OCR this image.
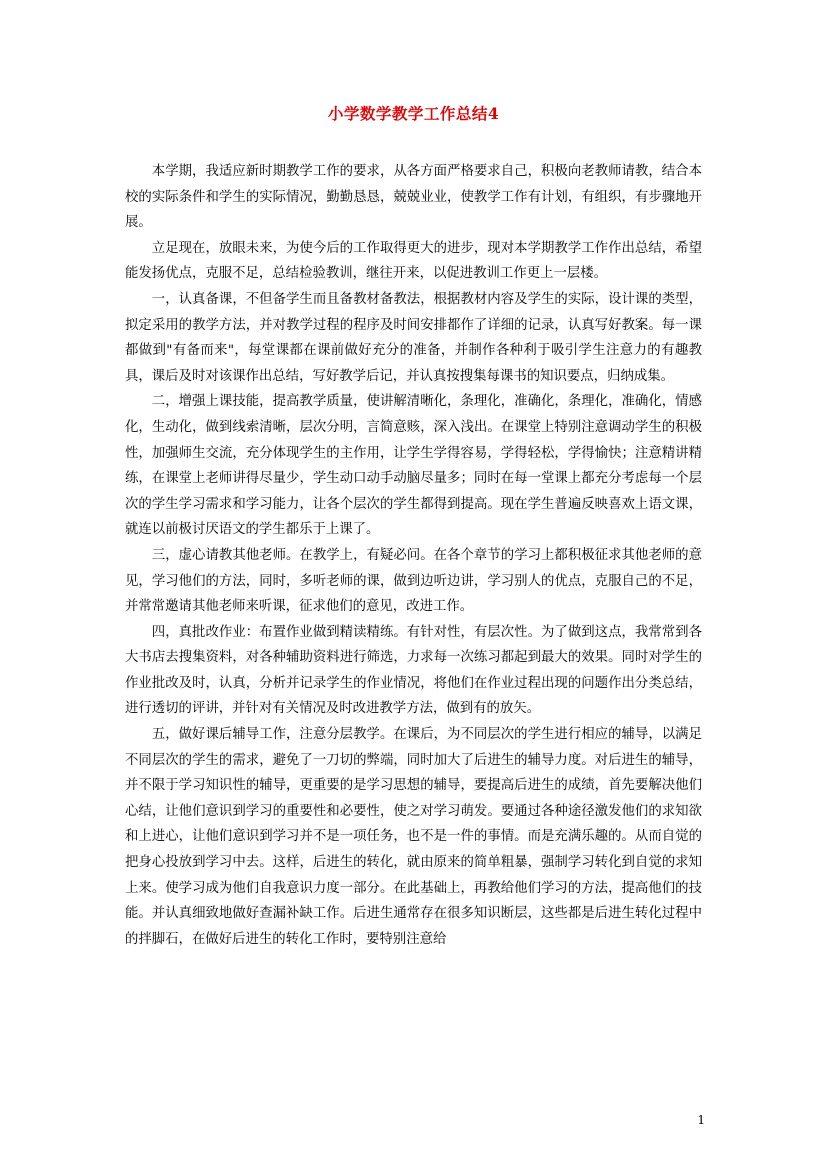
小学数学教学工作总结4

本学期，我适应新时期教学工作的要求，从各方面严格要求自己，积极向老教师请教，结合本校的实际条件和学生的实际情况，勤勤恳恳，兢兢业业，使教学工作有计划，有组织，有步骤地开展。

立足现在，放眼未来，为使今后的工作取得更大的进步，现对本学期教学工作作出总结，希望能发扬优点，克服不足，总结检验教训，继往开来，以促进教训工作更上一层楼。

一，认真备课，不但备学生而且备教材备教法，根据教材内容及学生的实际，设计课的类型，拟定采用的教学方法，并对教学过程的程序及时间安排都作了详细的记录，认真写好教案。每一课都做到"有备而来"，每堂课都在课前做好充分的准备，并制作各种利于吸引学生注意力的有趣教具，课后及时对该课作出总结，写好教学后记，并认真按搜集每课书的知识要点，归纳成集。

二，增强上课技能，提高教学质量，使讲解清晰化，条理化，准确化，条理化，准确化，情感化，生动化，做到线索清晰，层次分明，言简意赅，深入浅出。在课堂上特别注意调动学生的积极性，加强师生交流，充分体现学生的主作用，让学生学得容易，学得轻松，学得愉快；注意精讲精练，在课堂上老师讲得尽量少，学生动口动手动脑尽量多；同时在每一堂课上都充分考虑每一个层次的学生学习需求和学习能力，让各个层次的学生都得到提高。现在学生普遍反映喜欢上语文课，就连以前极讨厌语文的学生都乐于上课了。

三，虚心请教其他老师。在教学上，有疑必问。在各个章节的学习上都积极征求其他老师的意见，学习他们的方法，同时，多听老师的课，做到边听边讲，学习别人的优点，克服自己的不足，并常常邀请其他老师来听课，征求他们的意见，改进工作。

四，真批改作业：布置作业做到精读精练。有针对性，有层次性。为了做到这点，我常常到各大书店去搜集资料，对各种辅助资料进行筛选，力求每一次练习都起到最大的效果。同时对学生的作业批改及时，认真，分析并记录学生的作业情况，将他们在作业过程出现的问题作出分类总结，进行透切的评讲，并针对有关情况及时改进教学方法，做到有的放矢。

五，做好课后辅导工作，注意分层教学。在课后，为不同层次的学生进行相应的辅导，以满足不同层次的学生的需求，避免了一刀切的弊端，同时加大了后进生的辅导力度。对后进生的辅导，并不限于学习知识性的辅导，更重要的是学习思想的辅导，要提高后进生的成绩，首先要解决他们心结，让他们意识到学习的重要性和必要性，使之对学习萌发。要通过各种途径激发他们的求知欲和上进心，让他们意识到学习并不是一项任务，也不是一件的事情。而是充满乐趣的。从而自觉的把身心投放到学习中去。这样，后进生的转化，就由原来的简单粗暴，强制学习转化到自觉的求知上来。使学习成为他们自我意识力度一部分。在此基础上，再教给他们学习的方法，提高他们的技能。并认真细致地做好查漏补缺工作。后进生通常存在很多知识断层，这些都是后进生转化过程中的拌脚石，在做好后进生的转化工作时，要特别注意给

1
